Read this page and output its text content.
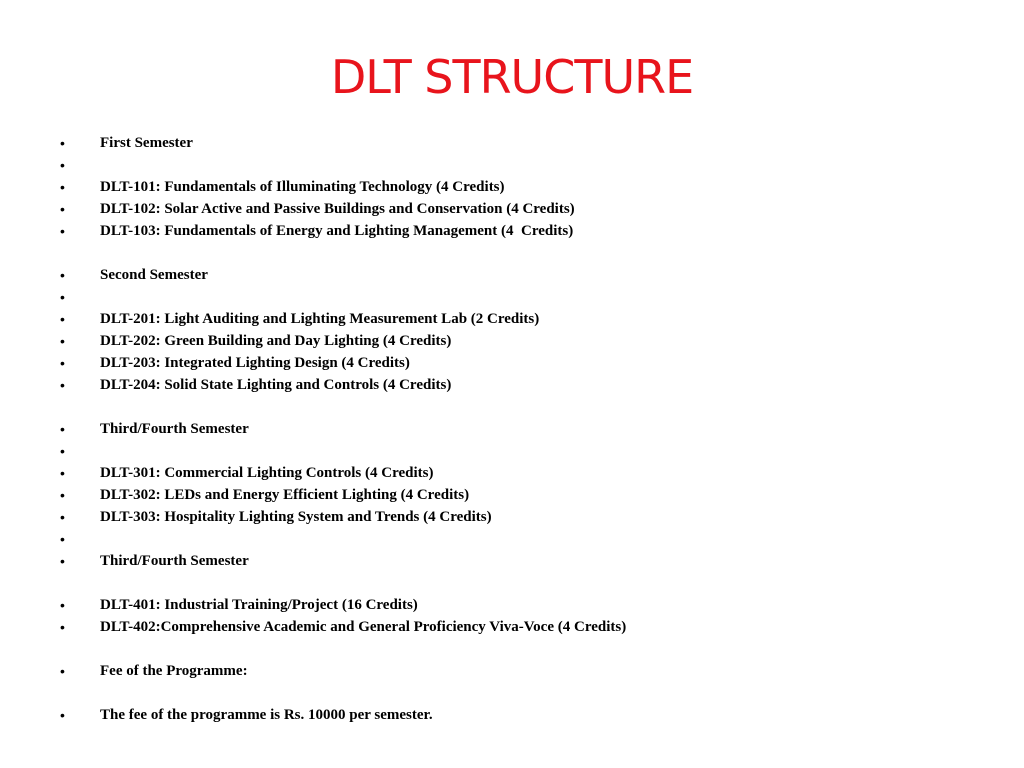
DLT STRUCTURE
• First Semester
•
• DLT-101: Fundamentals of Illuminating Technology (4 Credits)
• DLT-102: Solar Active and Passive Buildings and Conservation (4 Credits)
• DLT-103: Fundamentals of Energy and Lighting Management (4  Credits)
• Second Semester
•
• DLT-201: Light Auditing and Lighting Measurement Lab (2 Credits)
• DLT-202: Green Building and Day Lighting (4 Credits)
• DLT-203: Integrated Lighting Design (4 Credits)
• DLT-204: Solid State Lighting and Controls (4 Credits)
• Third/Fourth Semester
•
• DLT-301: Commercial Lighting Controls (4 Credits)
• DLT-302: LEDs and Energy Efficient Lighting (4 Credits)
• DLT-303: Hospitality Lighting System and Trends (4 Credits)
•
• Third/Fourth Semester
• DLT-401: Industrial Training/Project (16 Credits)
• DLT-402:Comprehensive Academic and General Proficiency Viva-Voce (4 Credits)
• Fee of the Programme:
• The fee of the programme is Rs. 10000 per semester.
